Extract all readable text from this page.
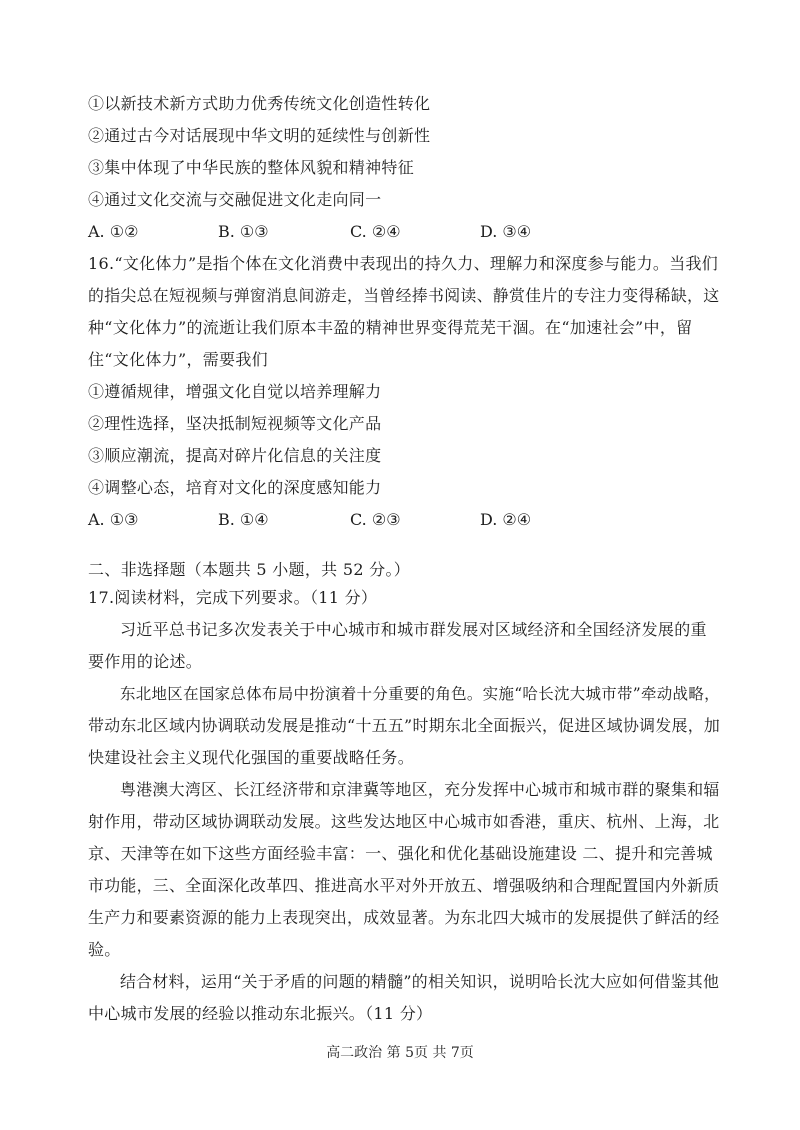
①以新技术新方式助力优秀传统文化创造性转化
②通过古今对话展现中华文明的延续性与创新性
③集中体现了中华民族的整体风貌和精神特征
④通过文化交流与交融促进文化走向同一
A. ①②	B. ①③	C. ②④	D. ③④
16.“文化体力”是指个体在文化消费中表现出的持久力、理解力和深度参与能力。当我们
的指尖总在短视频与弹窗消息间游走，当曾经捧书阅读、静赏佳片的专注力变得稀缺，这
种“文化体力”的流逝让我们原本丰盈的精神世界变得荒芜干涸。在“加速社会”中，留
住“文化体力”，需要我们
①遵循规律，增强文化自觉以培养理解力
②理性选择，坚决抵制短视频等文化产品
③顺应潮流，提高对碎片化信息的关注度
④调整心态，培育对文化的深度感知能力
A. ①③	B. ①④	C. ②③	D. ②④
二、非选择题（本题共 5 小题，共 52 分。）
17.阅读材料，完成下列要求。（11 分）
习近平总书记多次发表关于中心城市和城市群发展对区域经济和全国经济发展的重
要作用的论述。
东北地区在国家总体布局中扮演着十分重要的角色。实施“哈长沈大城市带”牵动战略，
带动东北区域内协调联动发展是推动“十五五”时期东北全面振兴，促进区域协调发展，加
快建设社会主义现代化强国的重要战略任务。
粤港澳大湾区、长江经济带和京津冀等地区，充分发挥中心城市和城市群的聚集和辐
射作用，带动区域协调联动发展。这些发达地区中心城市如香港，重庆、杭州、上海，北
京、天津等在如下这些方面经验丰富：一、强化和优化基础设施建设 二、提升和完善城
市功能，三、全面深化改革四、推进高水平对外开放五、增强吸纳和合理配置国内外新质
生产力和要素资源的能力上表现突出，成效显著。为东北四大城市的发展提供了鲜活的经
验。
结合材料，运用“关于矛盾的问题的精髓”的相关知识，说明哈长沈大应如何借鉴其他
中心城市发展的经验以推动东北振兴。（11 分）
高二政治 第 5页 共 7页
